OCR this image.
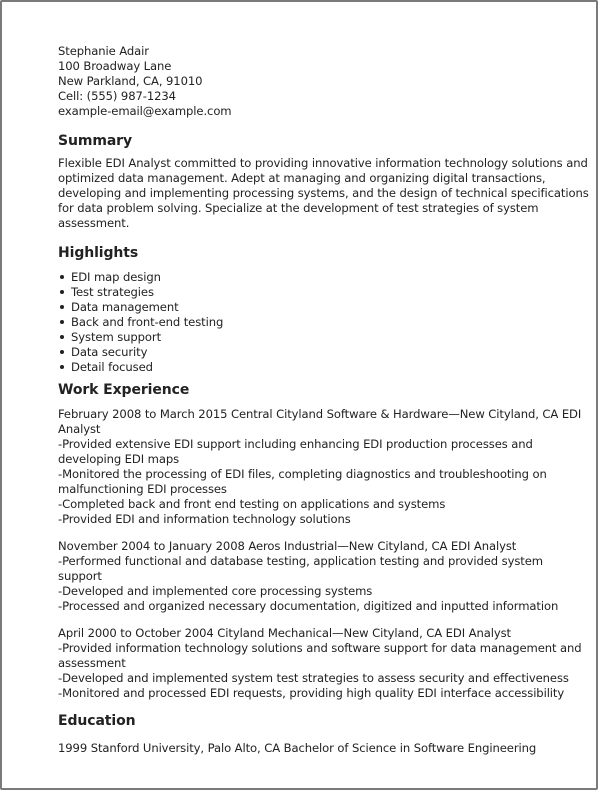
Stephanie Adair
100 Broadway Lane
New Parkland, CA, 91010
Cell: (555) 987-1234
example-email@example.com
Summary
Flexible EDI Analyst committed to providing innovative information technology solutions and optimized data management. Adept at managing and organizing digital transactions, developing and implementing processing systems, and the design of technical specifications for data problem solving. Specialize at the development of test strategies of system assessment.
Highlights
EDI map design
Test strategies
Data management
Back and front-end testing
System support
Data security
Detail focused
Work Experience
February 2008 to March 2015 Central Cityland Software & Hardware—New Cityland, CA EDI Analyst
-Provided extensive EDI support including enhancing EDI production processes and developing EDI maps
-Monitored the processing of EDI files, completing diagnostics and troubleshooting on malfunctioning EDI processes
-Completed back and front end testing on applications and systems
-Provided EDI and information technology solutions
November 2004 to January 2008 Aeros Industrial—New Cityland, CA EDI Analyst
-Performed functional and database testing, application testing and provided system support
-Developed and implemented core processing systems
-Processed and organized necessary documentation, digitized and inputted information
April 2000 to October 2004 Cityland Mechanical—New Cityland, CA EDI Analyst
-Provided information technology solutions and software support for data management and assessment
-Developed and implemented system test strategies to assess security and effectiveness
-Monitored and processed EDI requests, providing high quality EDI interface accessibility
Education
1999 Stanford University, Palo Alto, CA Bachelor of Science in Software Engineering
